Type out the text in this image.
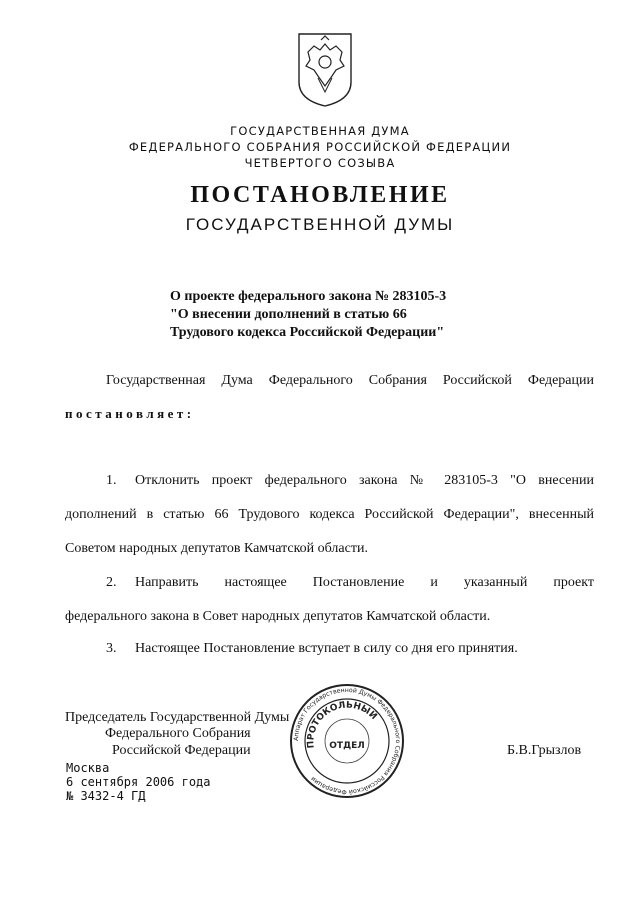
ГОСУДАРСТВЕННАЯ ДУМА
ФЕДЕРАЛЬНОГО СОБРАНИЯ РОССИЙСКОЙ ФЕДЕРАЦИИ
ЧЕТВЕРТОГО СОЗЫВА
ПОСТАНОВЛЕНИЕ
ГОСУДАРСТВЕННОЙ ДУМЫ
О проекте федерального закона № 283105-3
"О внесении дополнений в статью 66
Трудового кодекса Российской Федерации"
Государственная Дума Федерального Собрания Российской Федерации
постановляет:
1. Отклонить проект федерального закона № 283105-3 "О внесении
дополнений в статью 66 Трудового кодекса Российской Федерации", внесенный
Советом народных депутатов Камчатской области.
2. Направить настоящее Постановление и указанный проект
федерального закона в Совет народных депутатов Камчатской области.
3. Настоящее Постановление вступает в силу со дня его принятия.
Председатель Государственной Думы
Федерального Собрания
Российской Федерации	Б.В.Грызлов
Москва
6 сентября 2006 года
№ 3432-4 ГД
Аппарат Государственной Думы Федерального Собрания Российской Федерации
ПРОТОКОЛЬНЫЙ
ОТДЕЛ
